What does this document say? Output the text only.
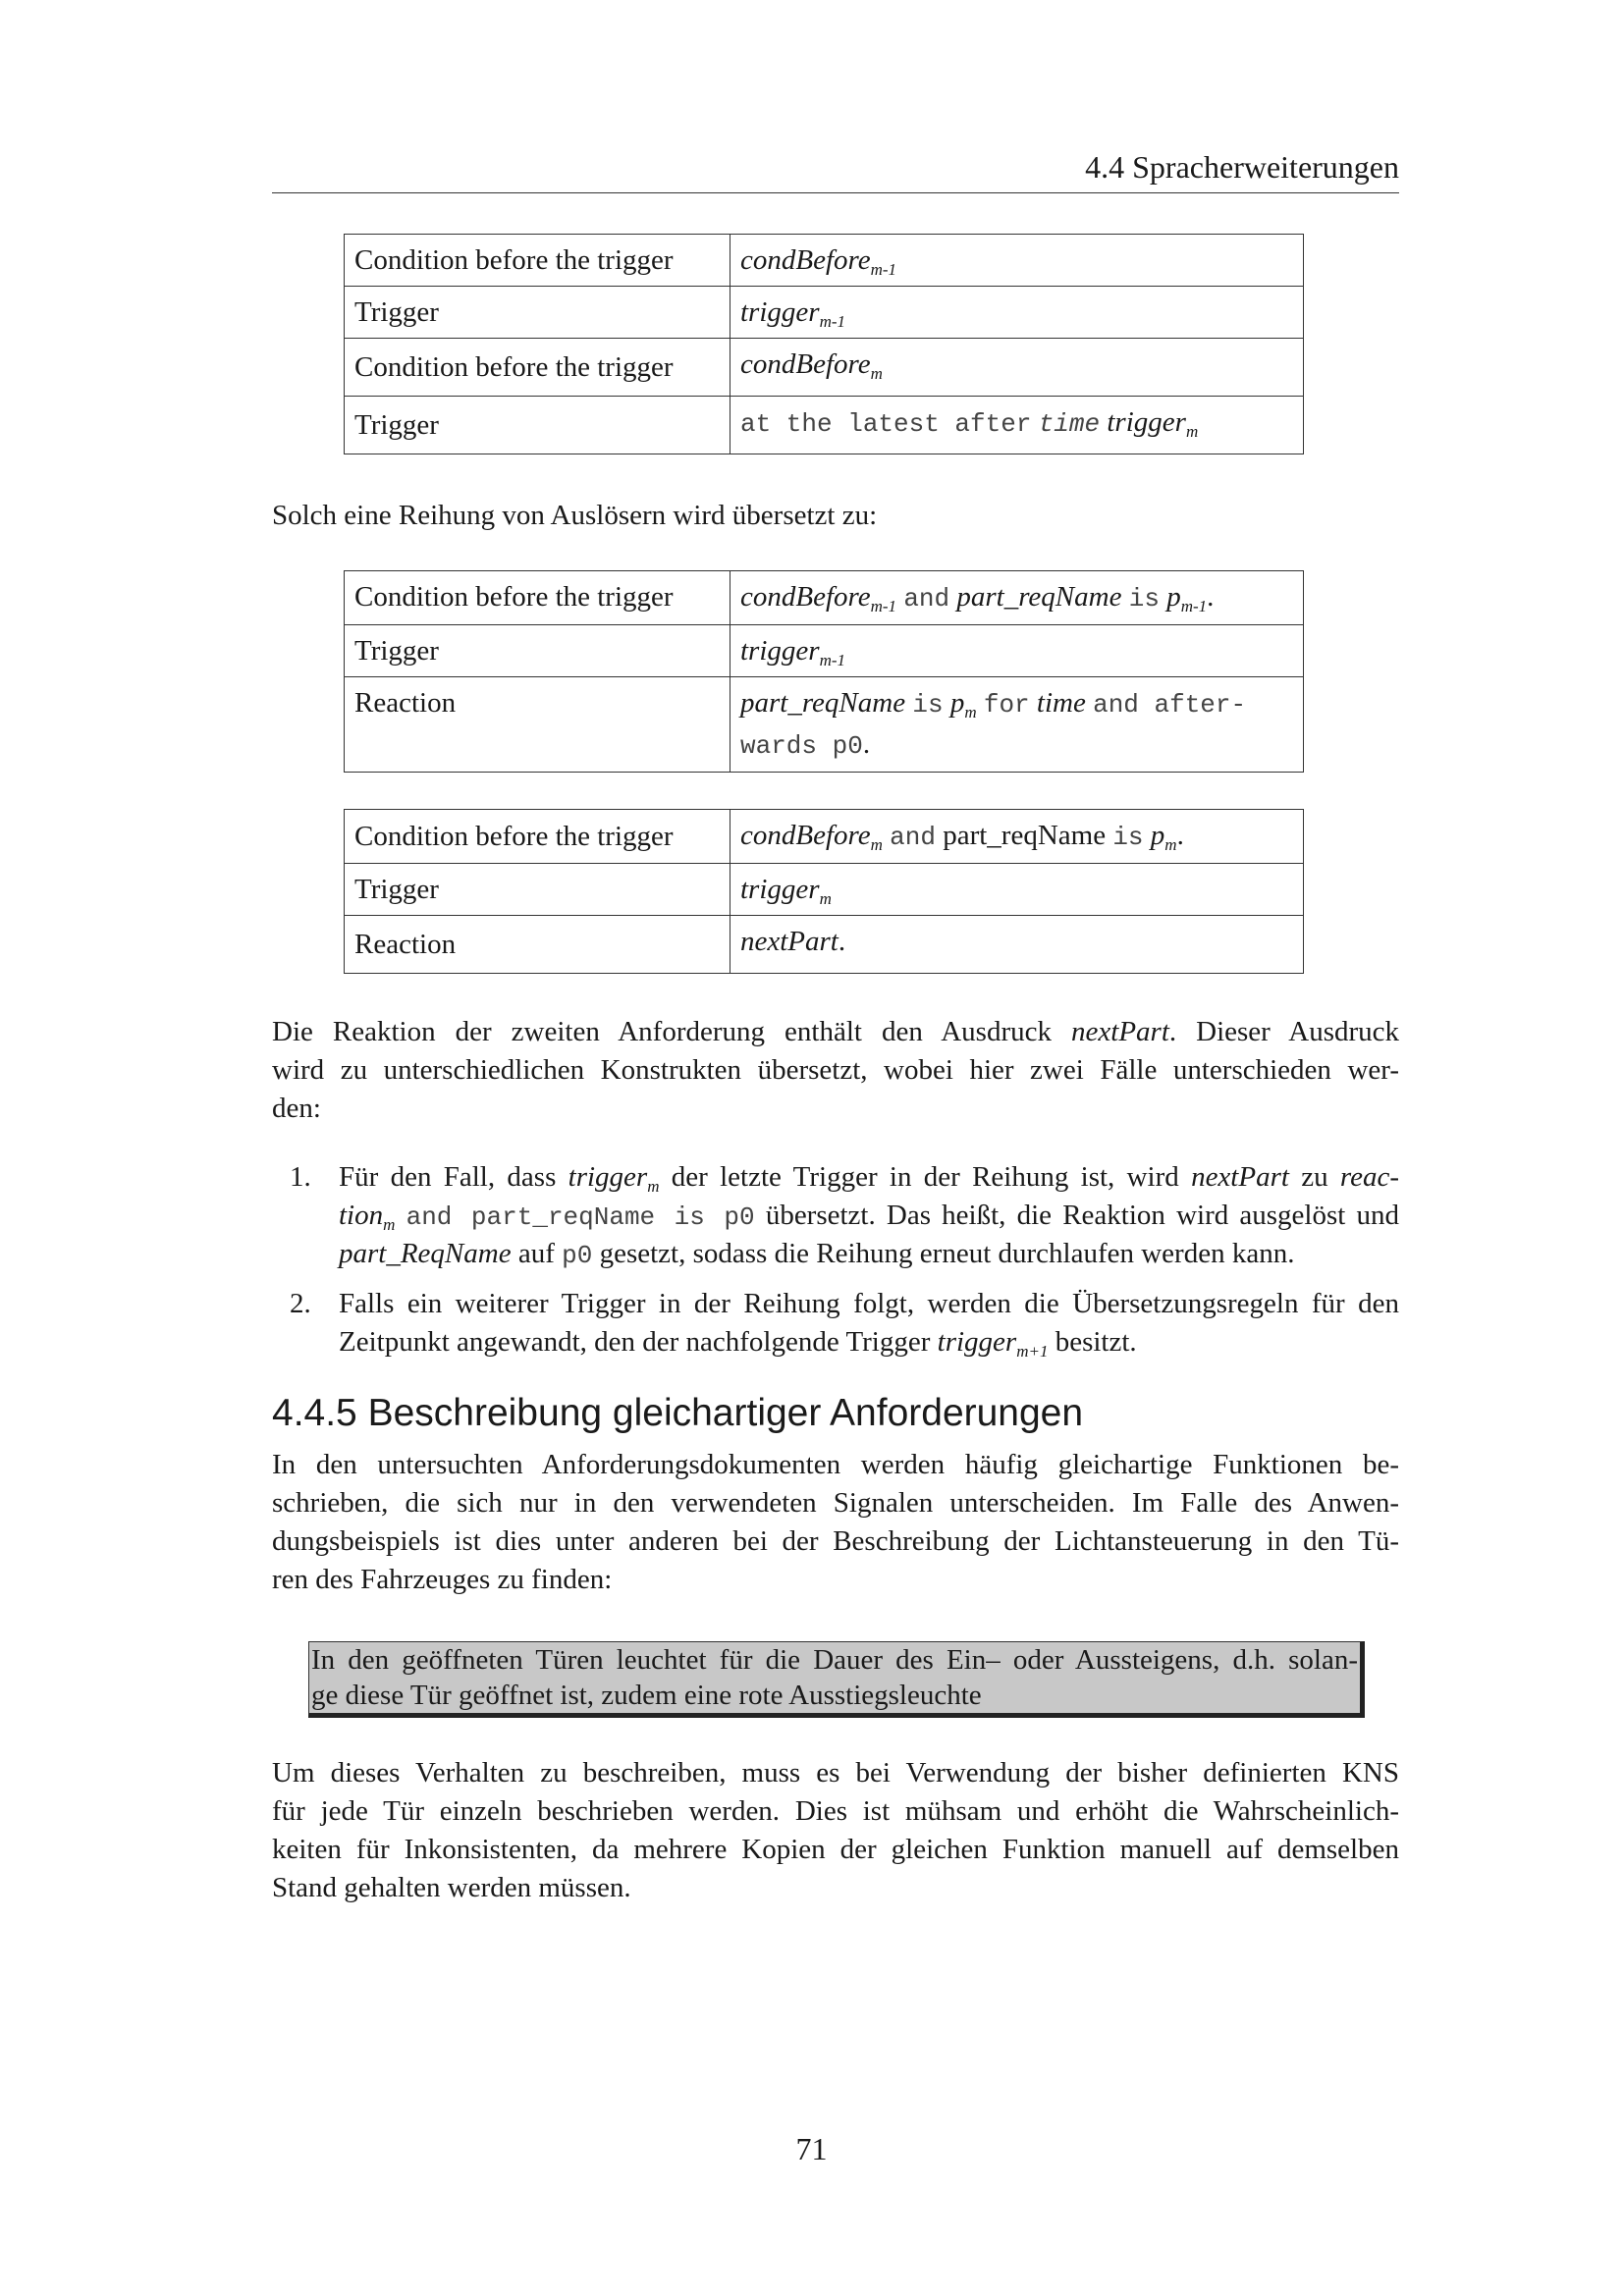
4.4 Spracherweiterungen
Condition before the trigger	condBefore$_{m-1}$
Trigger	trigger$_{m-1}$
Condition before the trigger	condBefore$_m$
Trigger	at the latest after time trigger$_m$
Solch eine Reihung von Auslösern wird übersetzt zu:
Condition before the trigger	condBefore$_{m-1}$ and part_reqName is $p_{m-1}$.
Trigger	trigger$_{m-1}$
Reaction	part_reqName is $p_m$ for time and after-
wards p0.
Condition before the trigger	condBefore$_m$ and part_reqName is $p_m$.
Trigger	trigger$_m$
Reaction	nextPart.
Die Reaktion der zweiten Anforderung enthält den Ausdruck nextPart. Dieser Ausdruck
wird zu unterschiedlichen Konstrukten übersetzt, wobei hier zwei Fälle unterschieden wer-
den:
1. Für den Fall, dass trigger$_m$ der letzte Trigger in der Reihung ist, wird nextPart zu reac-
tion$_m$ and part_reqName is p0 übersetzt. Das heißt, die Reaktion wird ausgelöst und
part_ReqName auf p0 gesetzt, sodass die Reihung erneut durchlaufen werden kann.
2. Falls ein weiterer Trigger in der Reihung folgt, werden die Übersetzungsregeln für den
Zeitpunkt angewandt, den der nachfolgende Trigger trigger$_{m+1}$ besitzt.
4.4.5 Beschreibung gleichartiger Anforderungen
In den untersuchten Anforderungsdokumenten werden häufig gleichartige Funktionen be-
schrieben, die sich nur in den verwendeten Signalen unterscheiden. Im Falle des Anwen-
dungsbeispiels ist dies unter anderen bei der Beschreibung der Lichtansteuerung in den Tü-
ren des Fahrzeuges zu finden:
In den geöffneten Türen leuchtet für die Dauer des Ein– oder Aussteigens, d.h. solan-
ge diese Tür geöffnet ist, zudem eine rote Ausstiegsleuchte
Um dieses Verhalten zu beschreiben, muss es bei Verwendung der bisher definierten KNS
für jede Tür einzeln beschrieben werden. Dies ist mühsam und erhöht die Wahrscheinlich-
keiten für Inkonsistenten, da mehrere Kopien der gleichen Funktion manuell auf demselben
Stand gehalten werden müssen.
71
